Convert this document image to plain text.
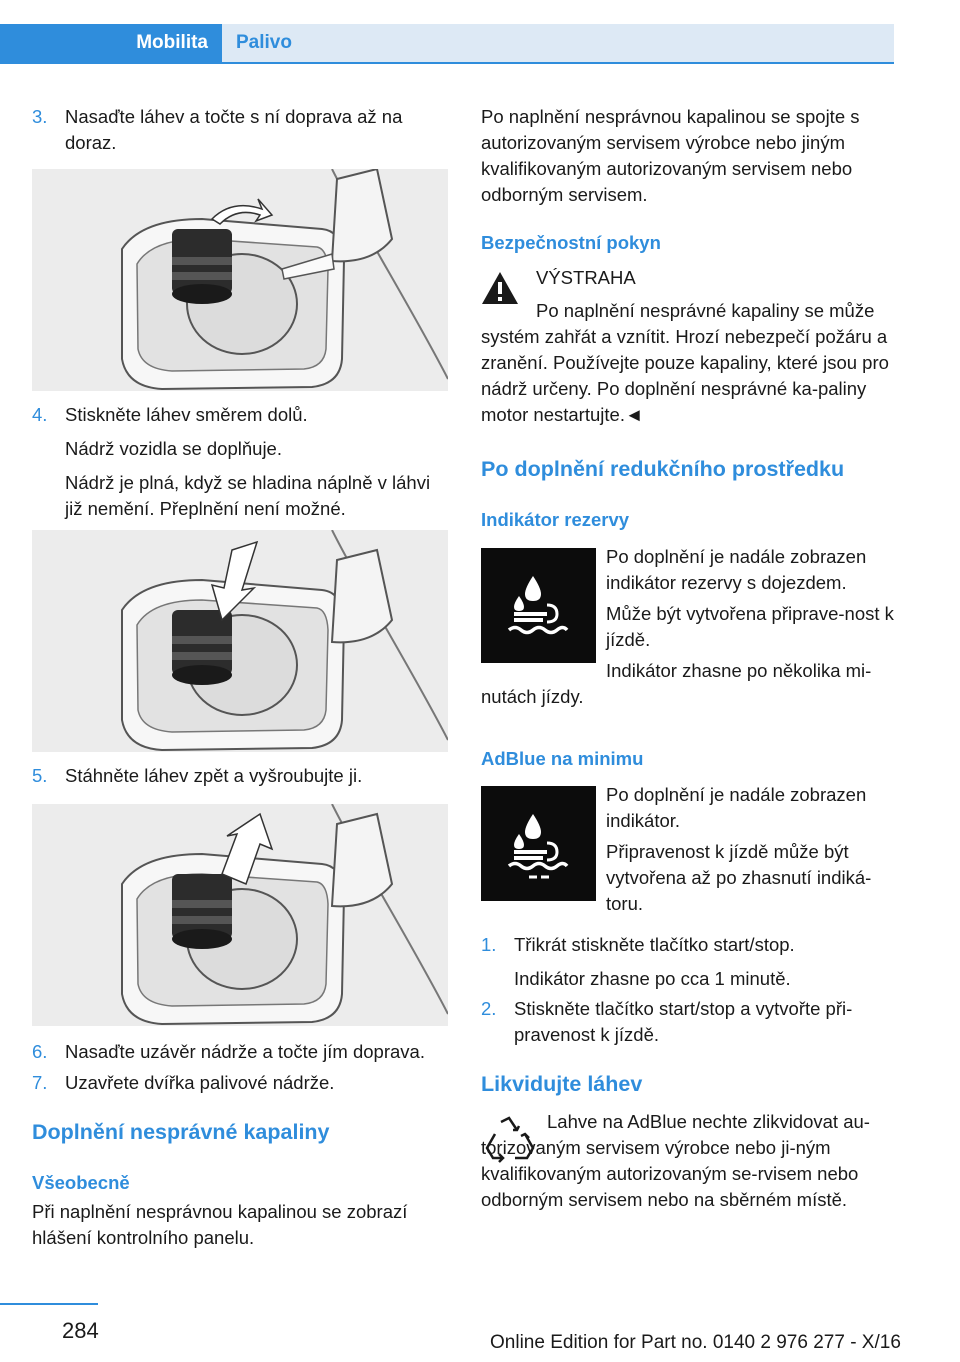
Mobilita Palivo
3. Nasaďte láhev a točte s ní doprava až na doraz.

4. Stiskněte láhev směrem dolů.

Nádrž vozidla se doplňuje.

Nádrž je plná, když se hladina náplně v láhvi již nemění. Přeplnění není možné.

5. Stáhněte láhev zpět a vyšroubujte ji.

6. Nasaďte uzávěr nádrže a točte jím doprava.

7. Uzavřete dvířka palivové nádrže.

Doplnění nesprávné kapaliny
Všeobecně
Při naplnění nesprávnou kapalinou se zobrazí hlášení kontrolního panelu.
Po naplnění nesprávnou kapalinou se spojte s autorizovaným servisem výrobce nebo jiným kvalifikovaným autorizovaným servisem nebo odborným servisem.
Bezpečnostní pokyn
VÝSTRAHA
Po naplnění nesprávné kapaliny se může systém zahřát a vznítit. Hrozí nebezpečí požáru a zranění. Používejte pouze kapaliny, které jsou pro nádrž určeny. Po doplnění nesprávné ka-paliny motor nestartujte.◄
Po doplnění redukčního prostředku
Indikátor rezervy
Po doplnění je nadále zobrazen indikátor rezervy s dojezdem.
Může být vytvořena připrave-nost k jízdě.
Indikátor zhasne po několika mi-nutách jízdy.
AdBlue na minimu
Po doplnění je nadále zobrazen indikátor.
Připravenost k jízdě může být vytvořena až po zhasnutí indiká-toru.
1. Třikrát stiskněte tlačítko start/stop.

Indikátor zhasne po cca 1 minutě.

2. Stiskněte tlačítko start/stop a vytvořte při-pravenost k jízdě.

Likvidujte láhev
Lahve na AdBlue nechte zlikvidovat au-torizovaným servisem výrobce nebo ji-ným kvalifikovaným autorizovaným se-rvisem nebo odborným servisem nebo na sběrném místě.
284	Online Edition for Part no. 0140 2 976 277 - X/16
